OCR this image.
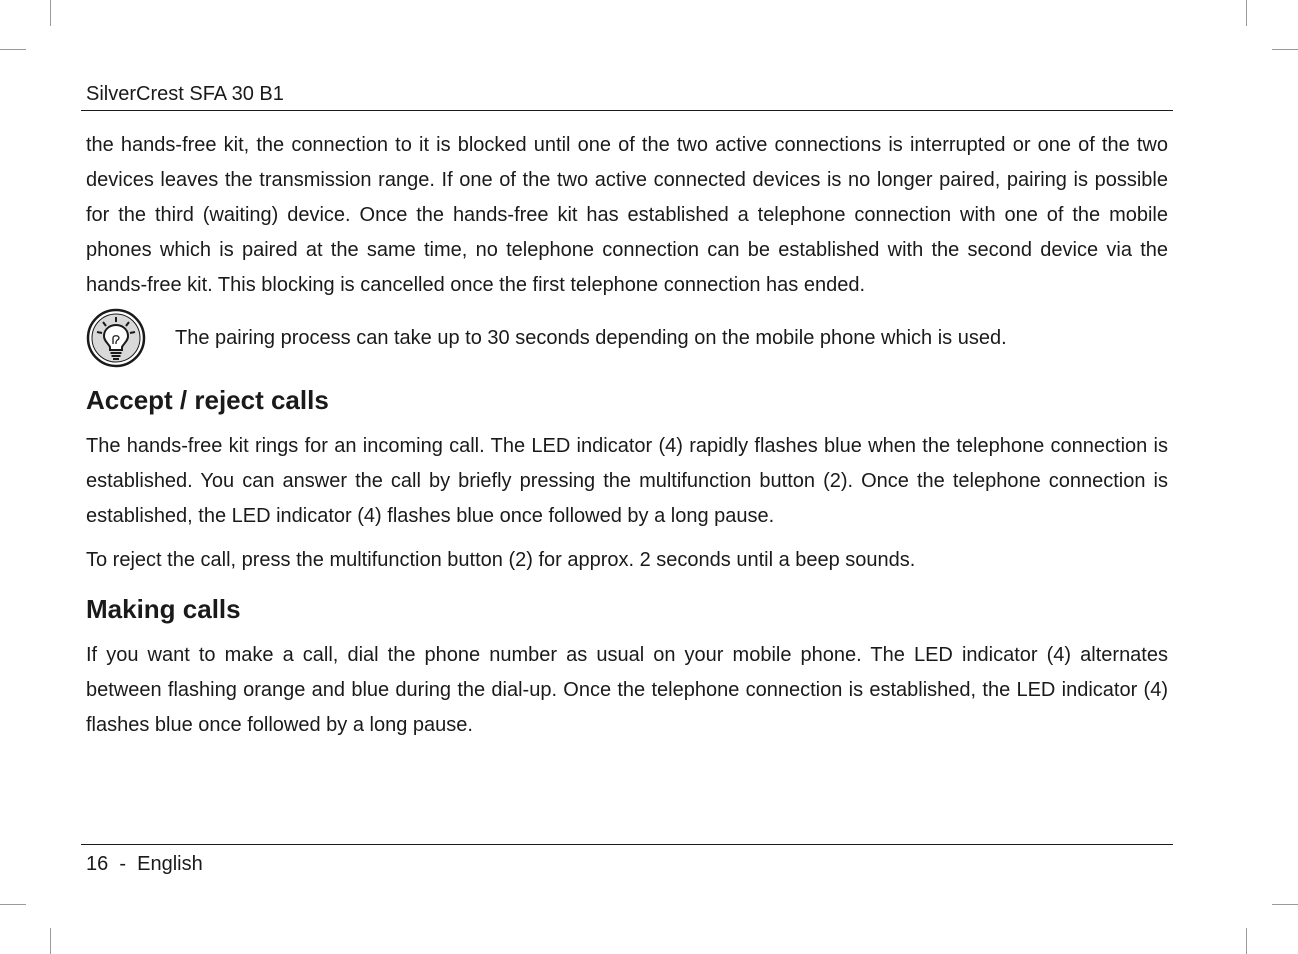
SilverCrest SFA 30 B1

the hands-free kit, the connection to it is blocked until one of the two active connections is interrupted or one of the two devices leaves the transmission range. If one of the two active connected devices is no longer paired, pairing is possible for the third (waiting) device. Once the hands-free kit has established a telephone connection with one of the mobile phones which is paired at the same time, no telephone connection can be established with the second device via the hands-free kit. This blocking is cancelled once the first telephone connection has ended.

The pairing process can take up to 30 seconds depending on the mobile phone which is used.
Accept / reject calls

The hands-free kit rings for an incoming call. The LED indicator (4) rapidly flashes blue when the telephone connection is established. You can answer the call by briefly pressing the multifunction button (2). Once the telephone connection is established, the LED indicator (4) flashes blue once followed by a long pause.

To reject the call, press the multifunction button (2) for approx. 2 seconds until a beep sounds.

Making calls

If you want to make a call, dial the phone number as usual on your mobile phone. The LED indicator (4) alternates between flashing orange and blue during the dial-up. Once the telephone connection is established, the LED indicator (4) flashes blue once followed by a long pause.

16  -  English
